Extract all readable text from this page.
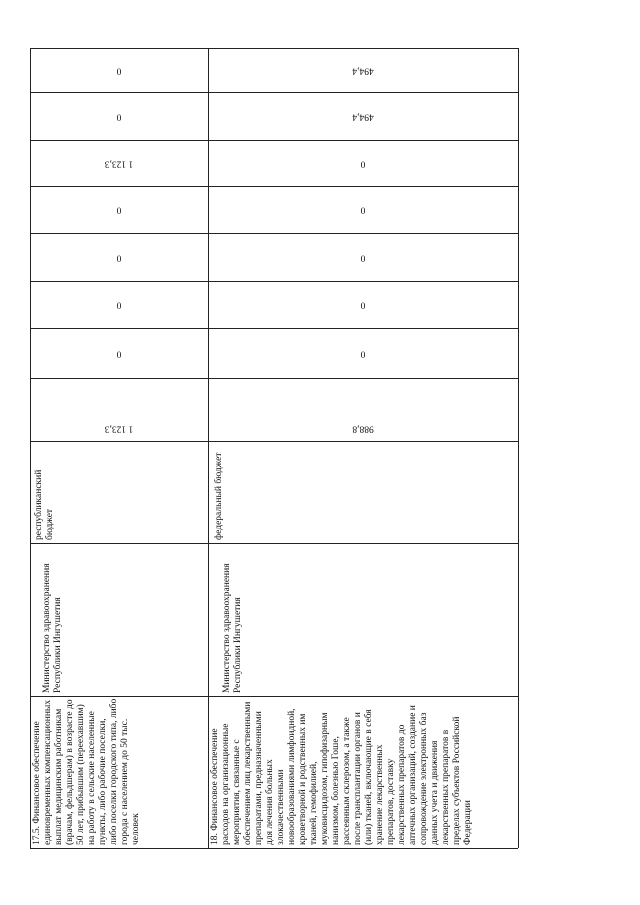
0
0
1 123,3
0
0
0
0
1 123,3
республиканский бюджет
Министерство здравоохранения Республики Ингушетия
17.5. Финансовое обеспечение единовременных компенсационных выплат медицинским работникам (врачам, фельдшерам) в возрасте до 50 лет, прибывшим (переехавшим) на работу в сельские населенные пункты, либо рабочие поселки, либо поселки городского типа, либо города с населением до 50 тыс. человек
494,4
494,4
0
0
0
0
0
988,8
федеральный бюджет
Министерство здравоохранения Республики Ингушетия
18. Финансовое обеспечение расходов на организационные мероприятия, связанные с обеспечением лиц лекарственными препаратами, предназначенными для лечения больных злокачественными новообразованиями лимфоидной, кроветворной и родственных им тканей, гемофилией, муковисцидозом, гипофизарным нанизмом, болезнью Гоше, рассеянным склерозом, а также после трансплантации органов и (или) тканей, включающие в себя хранение лекарственных препаратов, доставку лекарственных препаратов до аптечных организаций, создание и сопровождение электронных баз данных учета и движения лекарственных препаратов в пределах субъектов Российской Федерации
